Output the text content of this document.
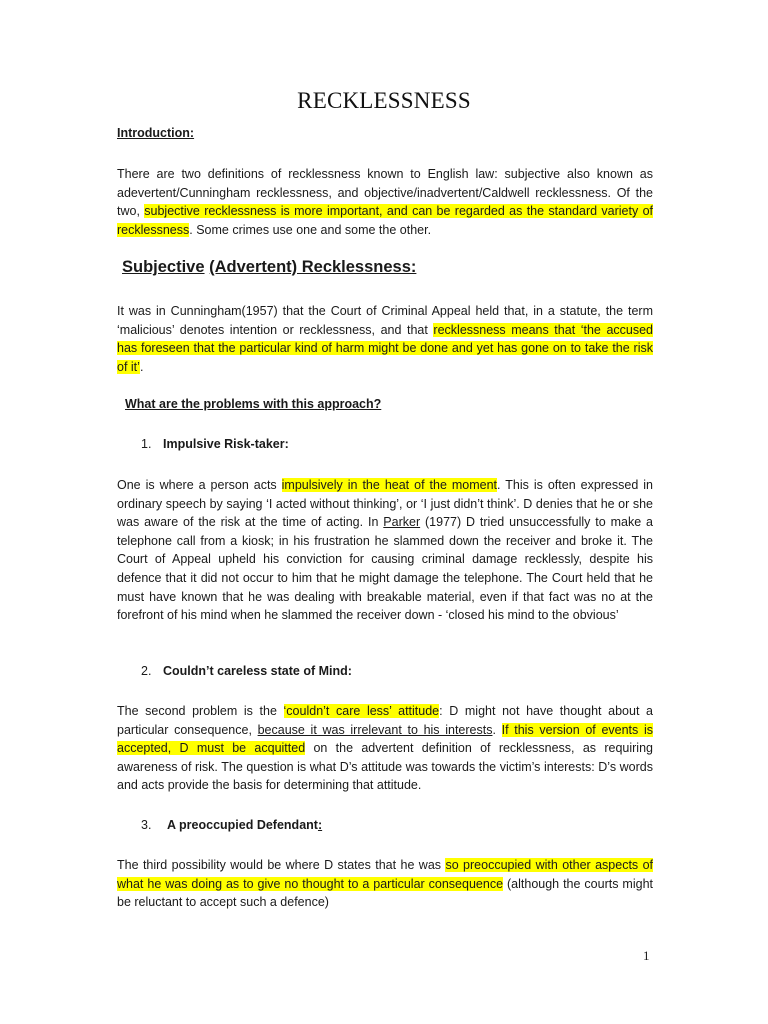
RECKLESSNESS
Introduction:
There are two definitions of recklessness known to English law: subjective also known as adevertent/Cunningham recklessness, and objective/inadvertent/Caldwell recklessness. Of the two, subjective recklessness is more important, and can be regarded as the standard variety of recklessness. Some crimes use one and some the other.
Subjective (Advertent) Recklessness:
It was in Cunningham(1957) that the Court of Criminal Appeal held that, in a statute, the term ‘malicious’ denotes intention or recklessness, and that recklessness means that ‘the accused has foreseen that the particular kind of harm might be done and yet has gone on to take the risk of it’.
What are the problems with this approach?
1. Impulsive Risk-taker:
One is where a person acts impulsively in the heat of the moment. This is often expressed in ordinary speech by saying ‘I acted without thinking’, or ‘I just didn’t think’. D denies that he or she was aware of the risk at the time of acting. In Parker (1977) D tried unsuccessfully to make a telephone call from a kiosk; in his frustration he slammed down the receiver and broke it. The Court of Appeal upheld his conviction for causing criminal damage recklessly, despite his defence that it did not occur to him that he might damage the telephone. The Court held that he must have known that he was dealing with breakable material, even if that fact was no at the forefront of his mind when he slammed the receiver down - ‘closed his mind to the obvious’
2. Couldn’t careless state of Mind:
The second problem is the ‘couldn’t care less’ attitude: D might not have thought about a particular consequence, because it was irrelevant to his interests. If this version of events is accepted, D must be acquitted on the advertent definition of recklessness, as requiring awareness of risk. The question is what D’s attitude was towards the victim’s interests: D’s words and acts provide the basis for determining that attitude.
3. A preoccupied Defendant:
The third possibility would be where D states that he was so preoccupied with other aspects of what he was doing as to give no thought to a particular consequence (although the courts might be reluctant to accept such a defence)
1
